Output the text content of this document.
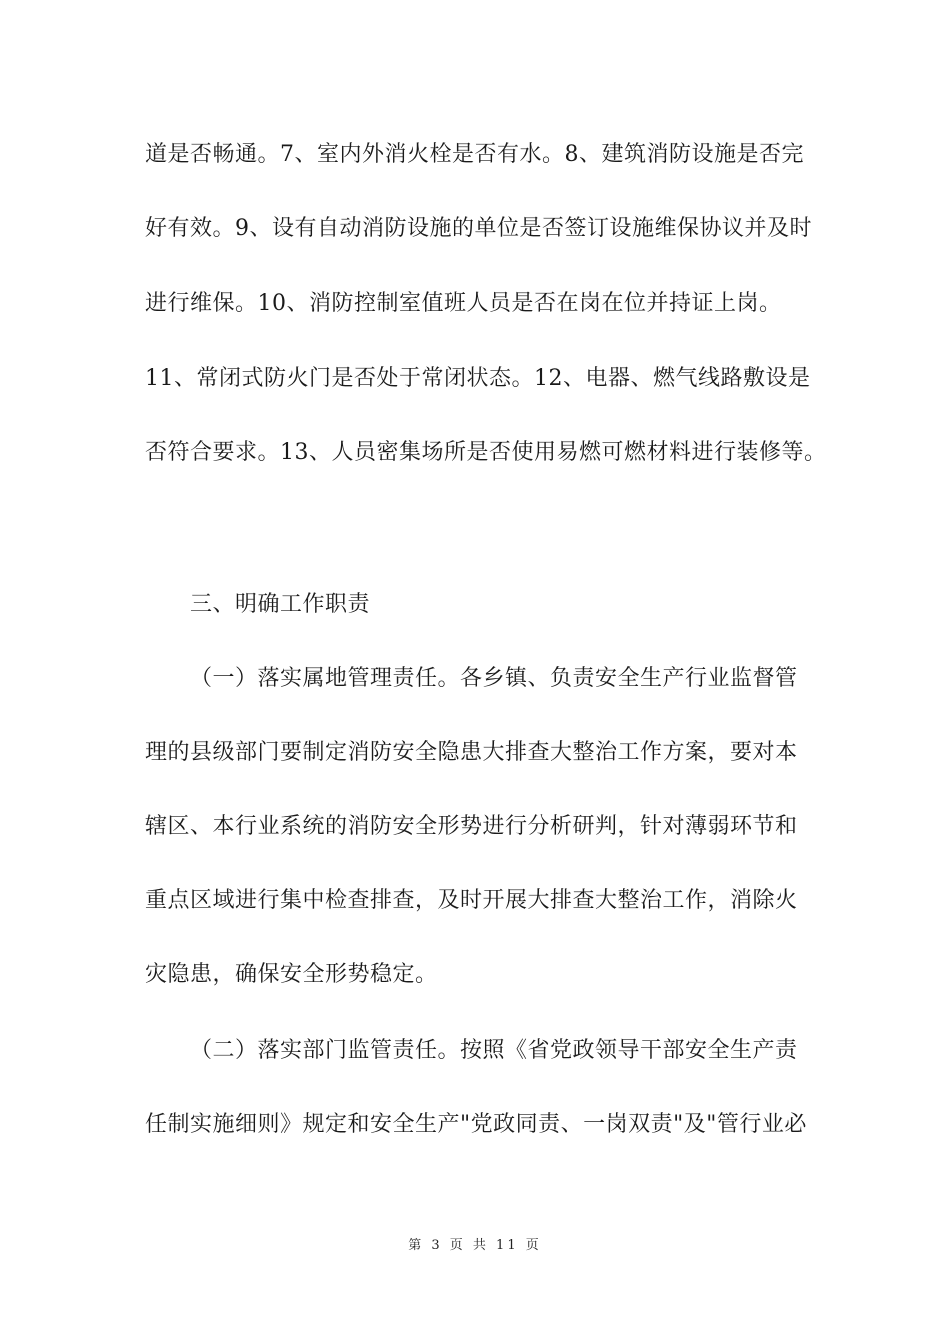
道是否畅通。7、室内外消火栓是否有水。8、建筑消防设施是否完
好有效。9、设有自动消防设施的单位是否签订设施维保协议并及时
进行维保。10、消防控制室值班人员是否在岗在位并持证上岗。
11、常闭式防火门是否处于常闭状态。12、电器、燃气线路敷设是
否符合要求。13、人员密集场所是否使用易燃可燃材料进行装修等。
三、明确工作职责
（一）落实属地管理责任。各乡镇、负责安全生产行业监督管
理的县级部门要制定消防安全隐患大排查大整治工作方案，要对本
辖区、本行业系统的消防安全形势进行分析研判，针对薄弱环节和
重点区域进行集中检查排查，及时开展大排查大整治工作，消除火
灾隐患，确保安全形势稳定。
（二）落实部门监管责任。按照《省党政领导干部安全生产责
任制实施细则》规定和安全生产"党政同责、一岗双责"及"管行业必
第 3 页 共 11 页
